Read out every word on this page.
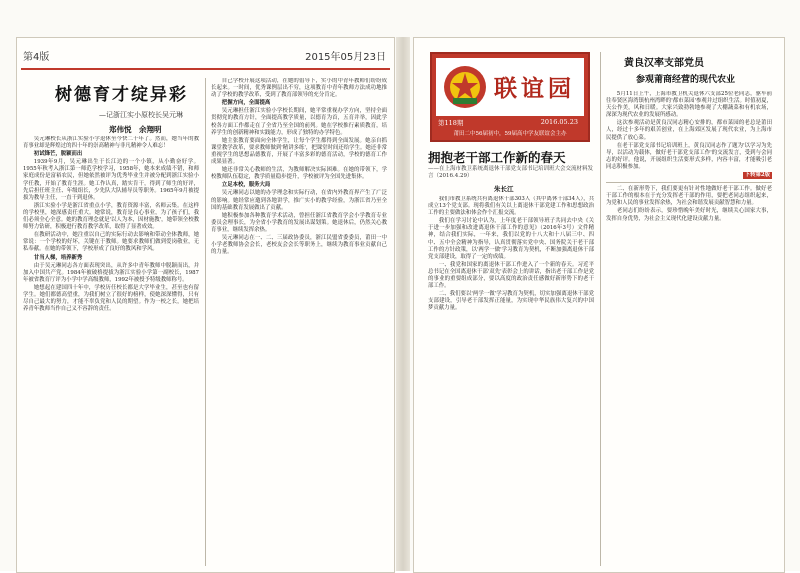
第4版	2015年05月23日
树德育才绽异彩
—记浙江实小原校长吴元琳
郑伟悦　余翔明

吴元琳校长从浙江实验小学退休至今快二十年了。然而，她当年的教育事业却是辉煌过的四十年的崇高精神与非凡精神令人难忘！

初试锋芒，脱颖而出

1939年9月，吴元琳出生于长江边的一个小镇，从小勤奋好学。1955年秋考入浙江第一师范学校学习，1958年，她本来成绩不错，和师家庭成份是富裕农民，但她依然被评为优秀毕业生并被分配到浙江实验小学任教，开始了教育生涯。她工作认真，踏实肯干，得到了师生的好评，先后担任班主任、年级组长，少先队大队辅导员等职务。1965年9月被提拔为教导主任，一直干到退休。

浙江实验小学是浙江省重点小学，教育资源丰富，名师云集。在这样的学校里，她深感责任重大。她常说，教育是良心事业，为了孩子们，我们必须全心全意。她的教育理念就是'以人为本，因材施教'，她带领全校教师努力钻研，积极进行教育教学改革，取得了显著成效。

在教研活动中，她注重以自己的实际行动去影响和带动全体教师，她常说：一个学校的好坏，关键在于教师。她要求教师们做到爱岗敬业，无私奉献。在她的带领下，学校形成了良好的教风和学风。

甘当人梯，培养新秀

由于吴元琳同志各方面表现突出，从许多中青年教师中脱颖而出，并加入中国共产党。1984年被破格提拔为浙江实验小学第一副校长，1987年被省教育厅评为小学中学高级教师，1992年被授予特级教师称号。

她想起在建国四十年中，学校历任校长都是大学毕业生，甚至也有留学生。她们都德高望重，为我们树立了很好的榜样，使她深深懂得，只有尽自己最大的努力，才能不辜负党和人民的期望。作为一校之长，她把培养青年教师当作自己义不容辞的责任。

自己学校开展这项活动，在她的倡导下，实小的中青年教师们纷纷成长起来。一时间，优秀课例层出不穷，这项教育中青年教师方法成功地推动了学校的教学改革，受到了教育部领导的充分肯定。

把握方向，全面提高

吴元琳担任浙江实验小学校长期间，她平常重视办学方向，坚持全面贯彻党的教育方针，全面提高教学质量，以德育为首，五育并举，因此学校各方面工作都走在了全省乃至全国的前列。她在学校推行素质教育，培养学生的创新精神和实践能力，形成了独特的办学特色。

她主张教育要面向全体学生，让每个学生都得到全面发展。她亲自抓课堂教学改革，要求教师做到'精讲多练'，把课堂时间还给学生。她还非常重视学生的思想品德教育，开展了丰富多彩的德育活动，学校的德育工作成果显著。

她还非常关心教师的生活，为教师解决实际困难。在她的带领下，学校教师队伍稳定，教学质量稳步提升，学校被评为全国先进集体。

立足本校，服务大局

吴元琳同志以她的办学理念和实际行动，在省内外教育界产生了广泛的影响。她经常应邀到各地讲学，推广实小的教学经验，为浙江省乃至全国的基础教育发展做出了贡献。

她积极参加各种教育学术活动，曾担任浙江省教育学会小学教育专业委员会理事长，为全省小学教育的发展出谋划策。她退休后，仍然关心教育事业，继续发挥余热。

吴元琳同志在一、二、三届政协委员，浙江民盟省委委员，莆田一中小学老教师协会会长，老校友会会长等职务上，继续为教育事业贡献自己的力量。

联谊园
第118期	2016.05.23
莆田二中56届初中，59届高中学友联谊会主办
拥抱老干部工作新的春天
——在上海市教卫系统离退休干部党支部书记培训班大会交流材料发言（2016.4.29）
朱长江

我们市教卫系统共有离退休干部303人（其中离休干部34人），共成立13个党支部。现将我们有关以上离退休干部党建工作和思想政治工作的主要做法和体会作个汇报交流。

我们在学习讨论中认为，上年度老干部领导班子共同去中央《关于进一步加强和改进离退休干部工作的意见》（2016年3号）文件精神，结合我们实际，一年来，我们以党的十八大和十八届三中、四中、五中全会精神为指导，认真贯彻落实党中央、国务院关于老干部工作的方针政策，以'两学一做'学习教育为契机，不断加强离退休干部党支部建设，取得了一定的成绩。

一、我党和国家的离退休干部工作进入了一个新的春天。习近平总书记在全国离退休干部'双先'表彰会上的讲话，指出老干部工作是党的事业的重要组成部分，要以高度的政治责任感做好新形势下的老干部工作。

二、我们要以'两学一做'学习教育为契机，切实加强离退休干部党支部建设，引导老干部发挥正能量，为实现中华民族伟大复兴的中国梦贡献力量。

黄良汉率支部党员
参观莆商经营的现代农业

5月11日上午，上海市教卫机关退休六支部25位老同志，驱车前往奉贤区海湾镇杭州湾畔的'都市菜园'参观并过组织生活。时值初夏，天公作美，风和日暖。大家兴致勃勃地参观了大棚蔬菜和有机农场，深深为现代农业的发展所感动。

这次参观活动是黄良汉同志精心安排的，都市菜园的老总是莆田人，经过十多年的艰苦创业，在上海郊区发展了现代农业，为上海市民提供了放心菜。

在老干部党支部书记培训班上，黄良汉同志作了题为'以学习为先导，以活动为载体，做好老干部党支部工作'的交流发言，受到与会同志的好评。他说，开展组织生活要形式多样，内容丰富，才能吸引老同志积极参加。

下转第2版

二、在新形势下，我们要更有针对性地做好老干部工作。做好老干部工作的根本在于充分发挥老干部的作用，要把老同志组织起来，为党和人民的事业发挥余热，为社会和谐发展贡献智慧和力量。

老同志们纷纷表示，要珍惜晚年美好时光，继续关心国家大事，发挥自身优势，为社会主义现代化建设贡献力量。
